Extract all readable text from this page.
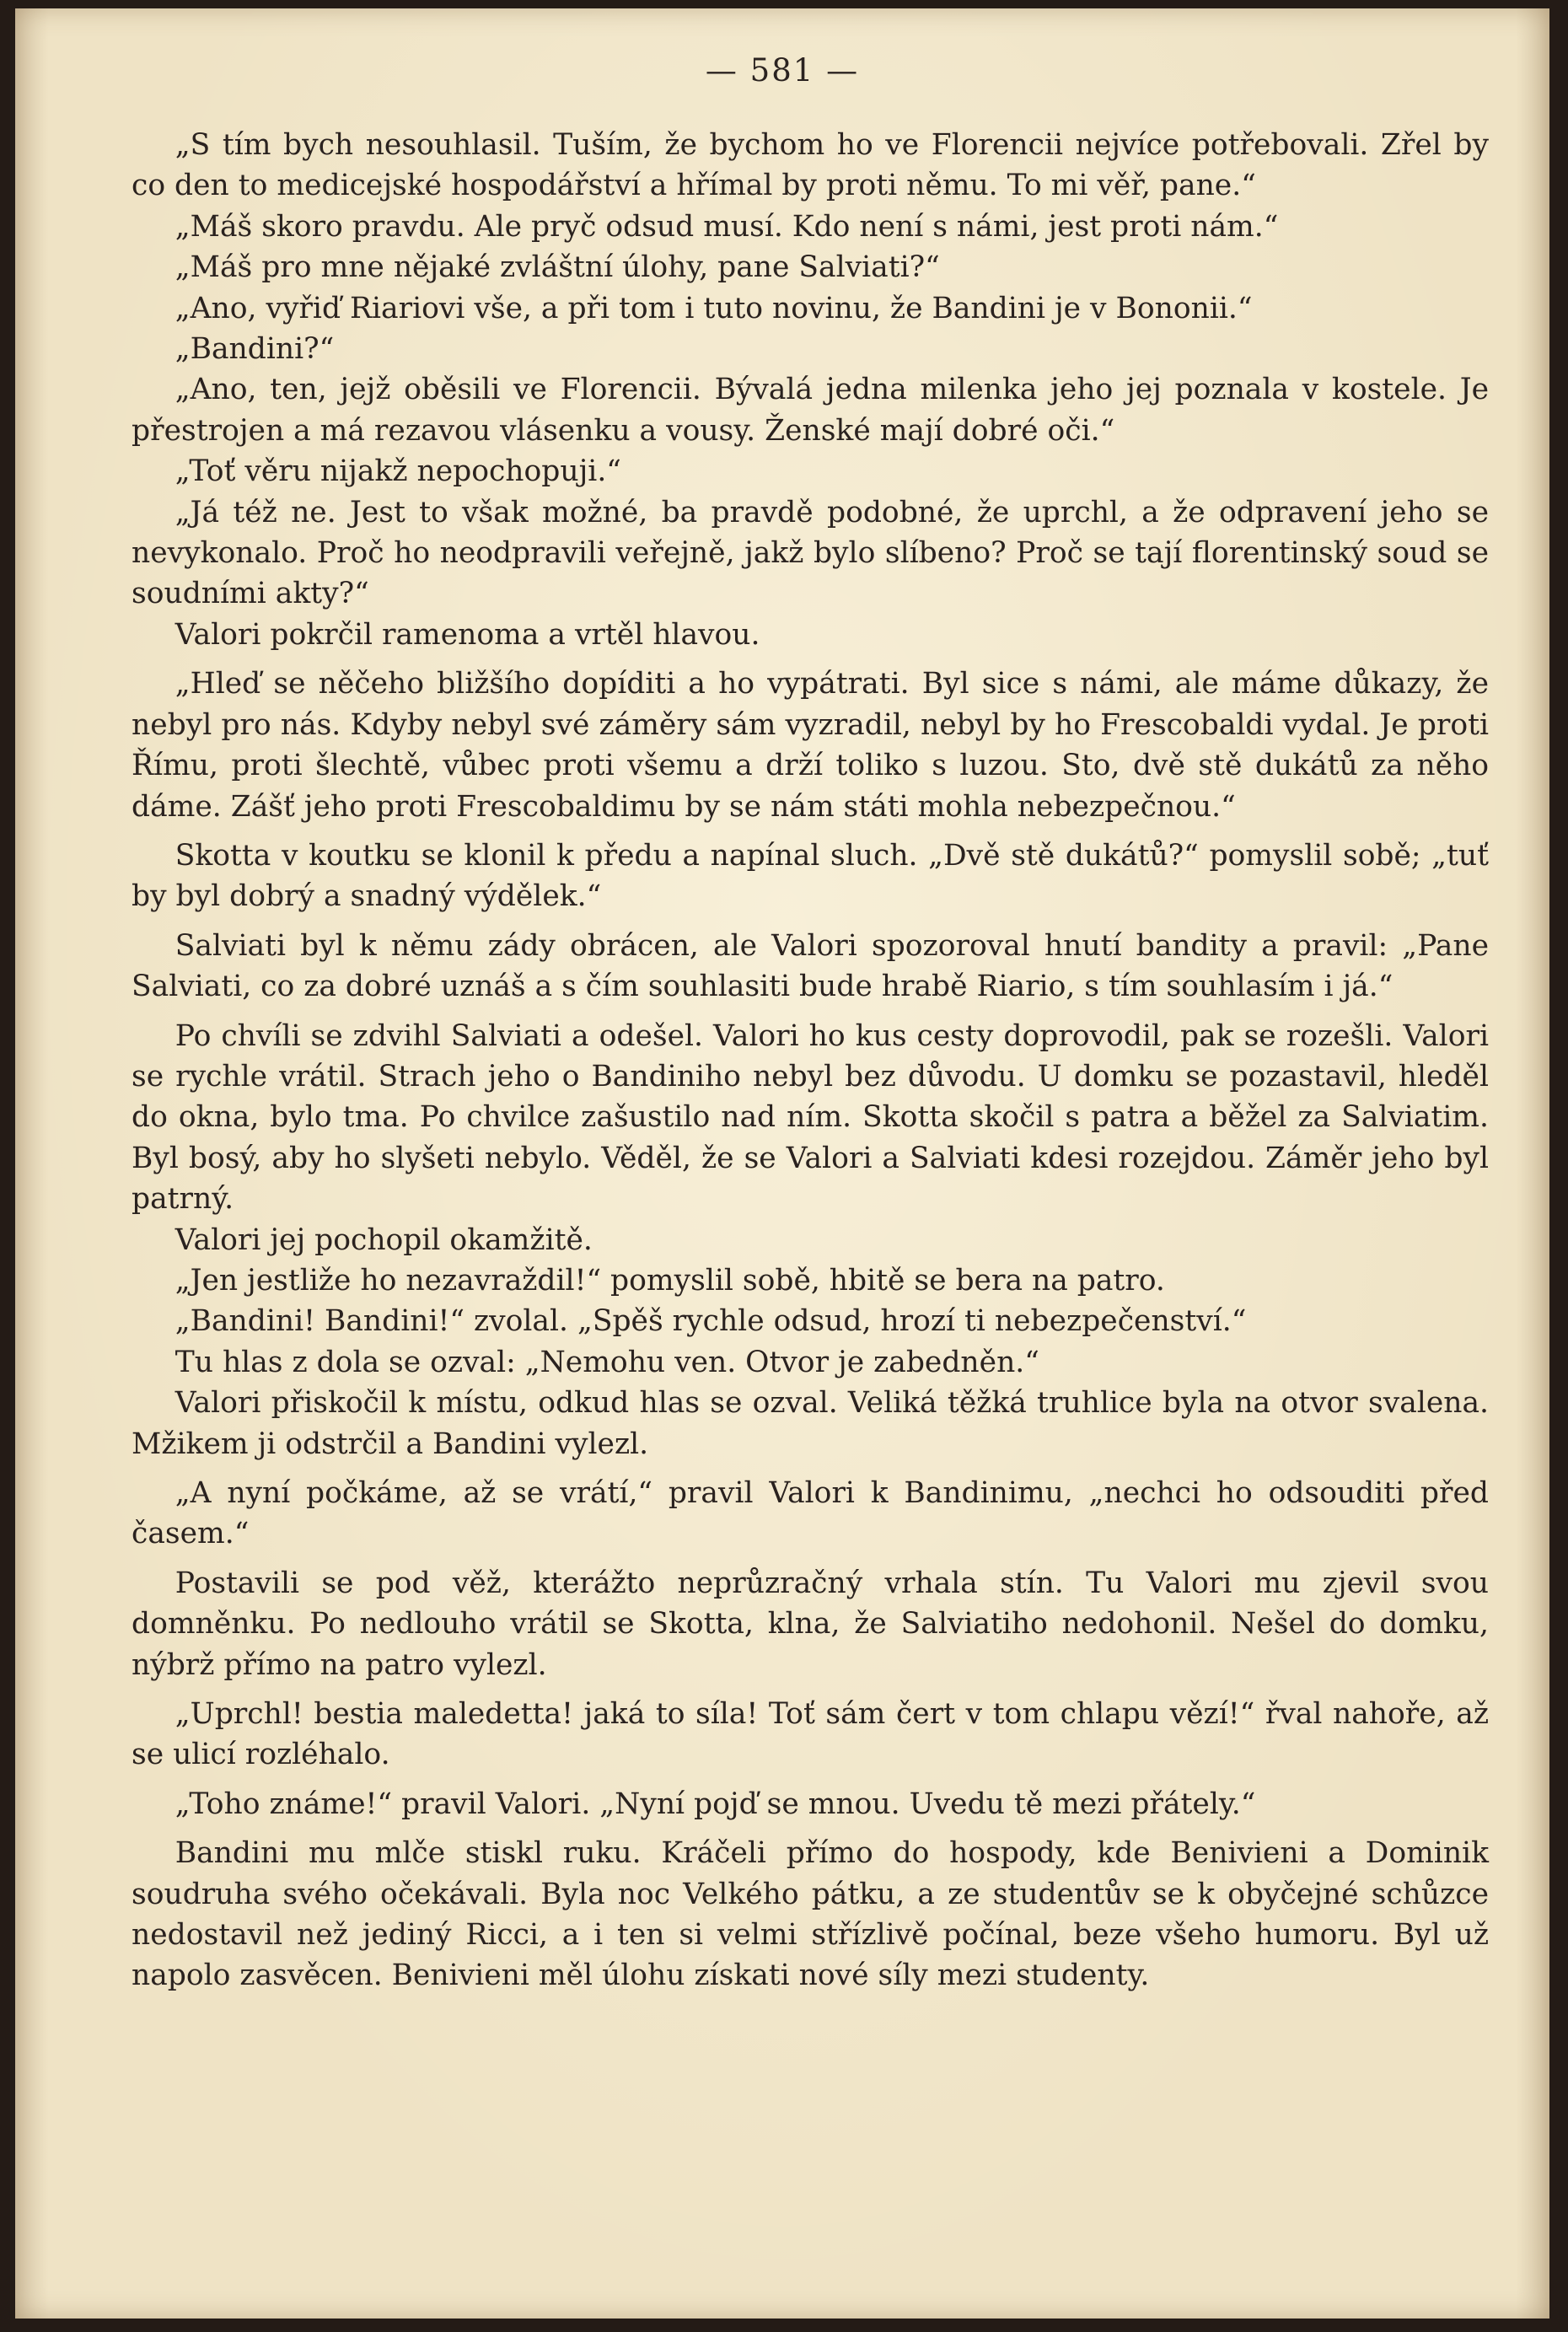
— 581 —

„S tím bych nesouhlasil. Tuším, že bychom ho ve Florencii nejvíce potřebovali. Zřel by co den to medicejské hospodářství a hřímal by proti němu. To mi věř, pane.“

„Máš skoro pravdu. Ale pryč odsud musí. Kdo není s námi, jest proti nám.“

„Máš pro mne nějaké zvláštní úlohy, pane Salviati?“

„Ano, vyřiď Riariovi vše, a při tom i tuto novinu, že Bandini je v Bononii.“

„Bandini?“

„Ano, ten, jejž oběsili ve Florencii. Bývalá jedna milenka jeho jej poznala v kostele. Je přestrojen a má rezavou vlásenku a vousy. Ženské mají dobré oči.“

„Toť věru nijakž nepochopuji.“

„Já též ne. Jest to však možné, ba pravdě podobné, že uprchl, a že odpravení jeho se nevykonalo. Proč ho neodpravili veřejně, jakž bylo slíbeno? Proč se tají florentinský soud se soudními akty?“

Valori pokrčil ramenoma a vrtěl hlavou.

„Hleď se něčeho bližšího dopíditi a ho vypátrati. Byl sice s námi, ale máme důkazy, že nebyl pro nás. Kdyby nebyl své záměry sám vyzradil, nebyl by ho Frescobaldi vydal. Je proti Římu, proti šlechtě, vůbec proti všemu a drží toliko s luzou. Sto, dvě stě dukátů za něho dáme. Zášť jeho proti Frescobaldimu by se nám státi mohla nebezpečnou.“

Skotta v koutku se klonil k předu a napínal sluch. „Dvě stě dukátů?“ pomyslil sobě; „tuť by byl dobrý a snadný výdělek.“

Salviati byl k němu zády obrácen, ale Valori spozoroval hnutí bandity a pravil: „Pane Salviati, co za dobré uznáš a s čím souhlasiti bude hrabě Riario, s tím souhlasím i já.“

Po chvíli se zdvihl Salviati a odešel. Valori ho kus cesty doprovodil, pak se rozešli. Valori se rychle vrátil. Strach jeho o Bandiniho nebyl bez důvodu. U domku se pozastavil, hleděl do okna, bylo tma. Po chvilce zašustilo nad ním. Skotta skočil s patra a běžel za Salviatim. Byl bosý, aby ho slyšeti nebylo. Věděl, že se Valori a Salviati kdesi rozejdou. Záměr jeho byl patrný.

Valori jej pochopil okamžitě.

„Jen jestliže ho nezavraždil!“ pomyslil sobě, hbitě se bera na patro.

„Bandini! Bandini!“ zvolal. „Spěš rychle odsud, hrozí ti nebezpečenství.“

Tu hlas z dola se ozval: „Nemohu ven. Otvor je zabedněn.“

Valori přiskočil k místu, odkud hlas se ozval. Veliká těžká truhlice byla na otvor svalena. Mžikem ji odstrčil a Bandini vylezl.

„A nyní počkáme, až se vrátí,“ pravil Valori k Bandinimu, „nechci ho odsouditi před časem.“

Postavili se pod věž, kterážto neprůzračný vrhala stín. Tu Valori mu zjevil svou domněnku. Po nedlouho vrátil se Skotta, klna, že Salviatiho nedohonil. Nešel do domku, nýbrž přímo na patro vylezl.

„Uprchl! bestia maledetta! jaká to síla! Toť sám čert v tom chlapu vězí!“ řval nahoře, až se ulicí rozléhalo.

„Toho známe!“ pravil Valori. „Nyní pojď se mnou. Uvedu tě mezi přátely.“

Bandini mu mlče stiskl ruku. Kráčeli přímo do hospody, kde Benivieni a Dominik soudruha svého očekávali. Byla noc Velkého pátku, a ze studentův se k obyčejné schůzce nedostavil než jediný Ricci, a i ten si velmi střízlivě počínal, beze všeho humoru. Byl už napolo zasvěcen. Benivieni měl úlohu získati nové síly mezi studenty.
